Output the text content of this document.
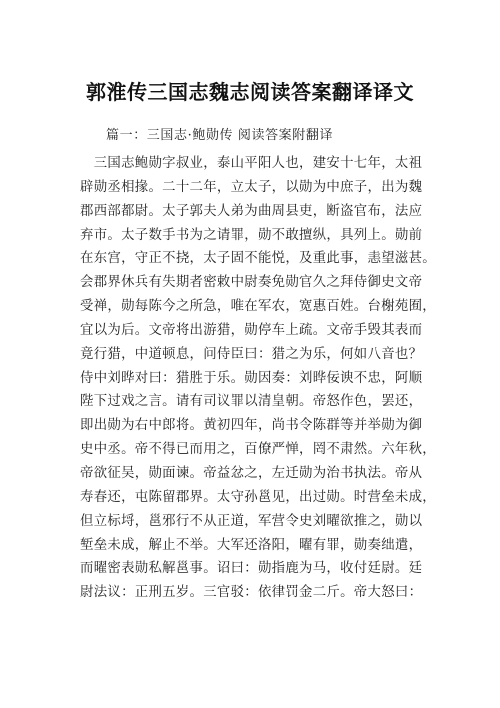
郭淮传三国志魏志阅读答案翻译译文
篇一：三国志·鲍勋传 阅读答案附翻译
　三国志鲍勋字叔业，泰山平阳人也，建安十七年，太祖
辟勋丞相掾。二十二年，立太子，以勋为中庶子，出为魏
郡西部都尉。太子郭夫人弟为曲周县吏，断盗官布，法应
弃市。太子数手书为之请罪，勋不敢擅纵，具列上。勋前
在东宫，守正不挠，太子固不能悦，及重此事，恚望滋甚。
会郡界休兵有失期者密敕中尉奏免勋官久之拜侍御史文帝
受禅，勋每陈今之所急，唯在军农，宽惠百姓。台榭苑囿，
宜以为后。文帝将出游猎，勋停车上疏。文帝手毁其表而
竟行猎，中道顿息，问侍臣曰：猎之为乐，何如八音也？
侍中刘晔对曰：猎胜于乐。勋因奏：刘晔佞谀不忠，阿顺
陛下过戏之言。请有司议罪以清皇朝。帝怒作色，罢还，
即出勋为右中郎将。黄初四年，尚书令陈群等并举勋为御
史中丞。帝不得已而用之，百僚严惮，罔不肃然。六年秋，
帝欲征吴，勋面谏。帝益忿之，左迁勋为治书执法。帝从
寿春还，屯陈留郡界。太守孙邕见，出过勋。时营垒未成，
但立标埒，邕邪行不从正道，军营令史刘曜欲推之，勋以
堑垒未成，解止不举。大军还洛阳，曜有罪，勋奏绌遣，
而曜密表勋私解邕事。诏曰：勋指鹿为马，收付廷尉。廷
尉法议：正刑五岁。三官驳：依律罚金二斤。帝大怒曰：
